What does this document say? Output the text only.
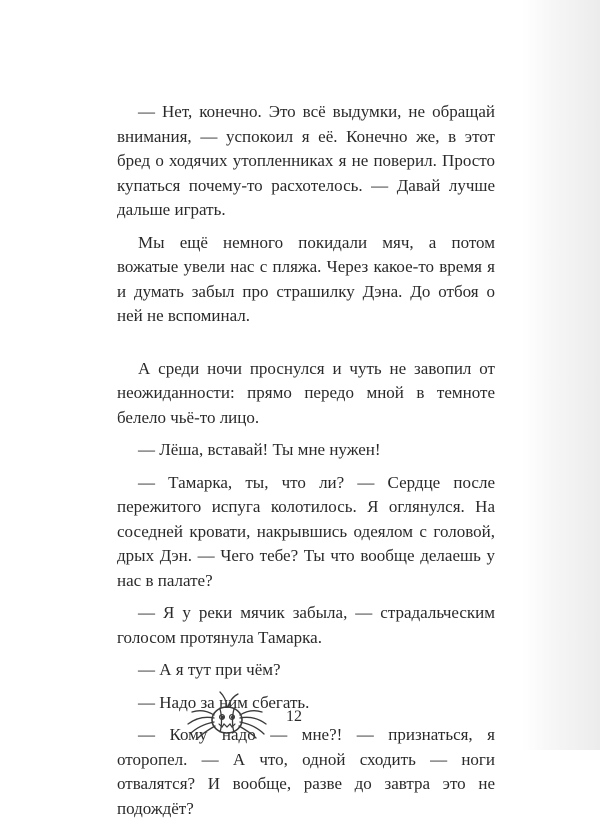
— Нет, конечно. Это всё выдумки, не обращай внимания, — успокоил я её. Конечно же, в этот бред о ходячих утопленниках я не поверил. Просто купаться почему-то расхотелось. — Давай лучше дальше играть.

Мы ещё немного покидали мяч, а потом вожатые увели нас с пляжа. Через какое-то время я и думать забыл про страшилку Дэна. До отбоя о ней не вспоминал.

А среди ночи проснулся и чуть не завопил от неожиданности: прямо передо мной в темноте белело чьё-то лицо.

— Лёша, вставай! Ты мне нужен!

— Тамарка, ты, что ли? — Сердце после пережитого испуга колотилось. Я оглянулся. На соседней кровати, накрывшись одеялом с головой, дрых Дэн. — Чего тебе? Ты что вообще делаешь у нас в палате?

— Я у реки мячик забыла, — страдальческим голосом протянула Тамарка.

— А я тут при чём?

— Надо за ним сбегать.

— Кому надо — мне?! — признаться, я оторопел. — А что, одной сходить — ноги отвалятся? И вообще, разве до завтра это не подождёт?

12
